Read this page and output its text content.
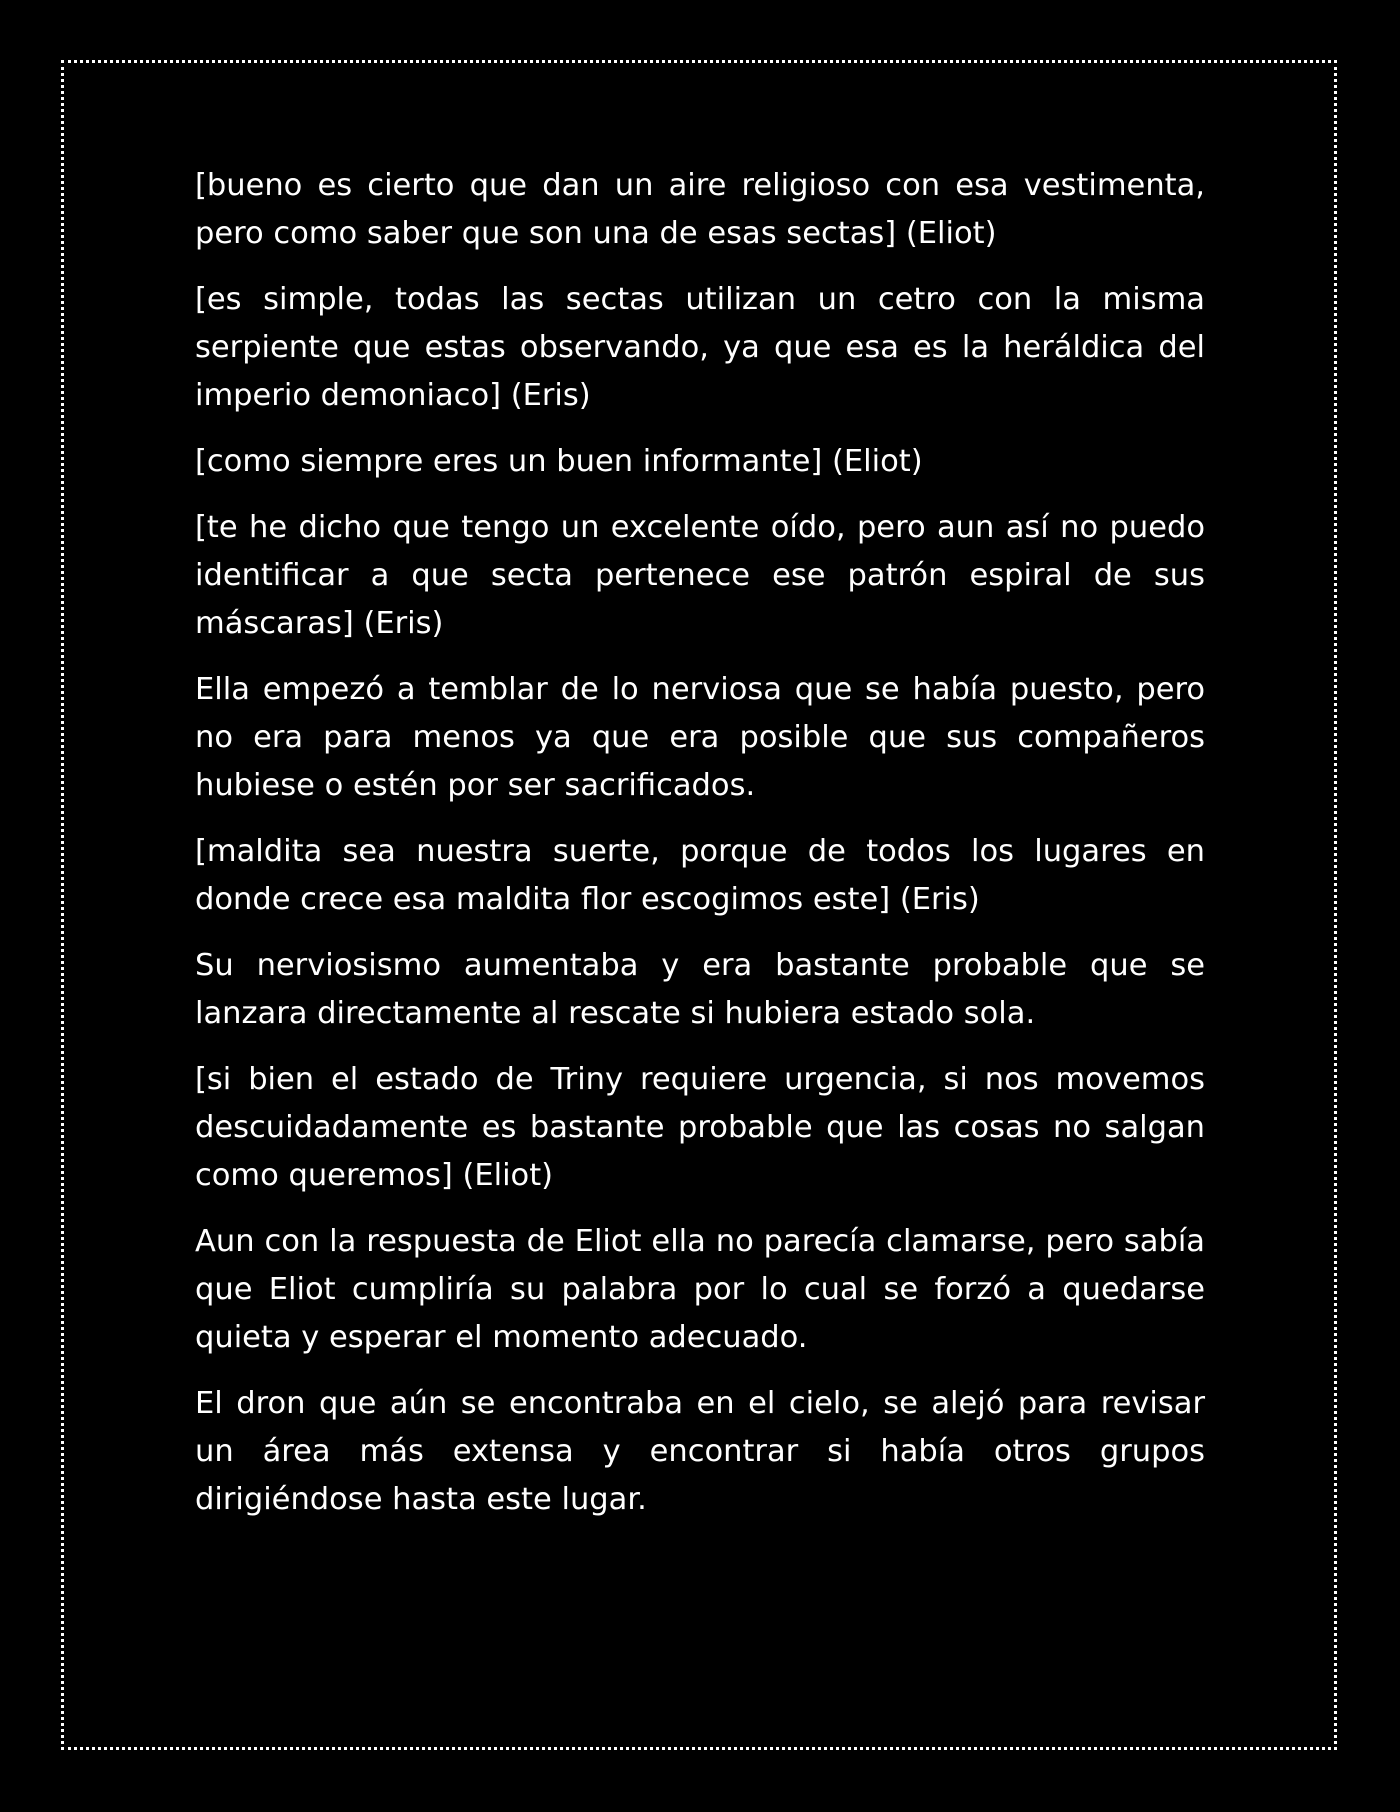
[bueno es cierto que dan un aire religioso con esa vestimenta, pero como saber que son una de esas sectas] (Eliot)

[es simple, todas las sectas utilizan un cetro con la misma serpiente que estas observando, ya que esa es la heráldica del imperio demoniaco] (Eris)

[como siempre eres un buen informante] (Eliot)

[te he dicho que tengo un excelente oído, pero aun así no puedo identificar a que secta pertenece ese patrón espiral de sus máscaras] (Eris)

Ella empezó a temblar de lo nerviosa que se había puesto, pero no era para menos ya que era posible que sus compañeros hubiese o estén por ser sacrificados.

[maldita sea nuestra suerte, porque de todos los lugares en donde crece esa maldita flor escogimos este] (Eris)

Su nerviosismo aumentaba y era bastante probable que se lanzara directamente al rescate si hubiera estado sola.

[si bien el estado de Triny requiere urgencia, si nos movemos descuidadamente es bastante probable que las cosas no salgan como queremos] (Eliot)

Aun con la respuesta de Eliot ella no parecía clamarse, pero sabía que Eliot cumpliría su palabra por lo cual se forzó a quedarse quieta y esperar el momento adecuado.

El dron que aún se encontraba en el cielo, se alejó para revisar un área más extensa y encontrar si había otros grupos dirigiéndose hasta este lugar.
